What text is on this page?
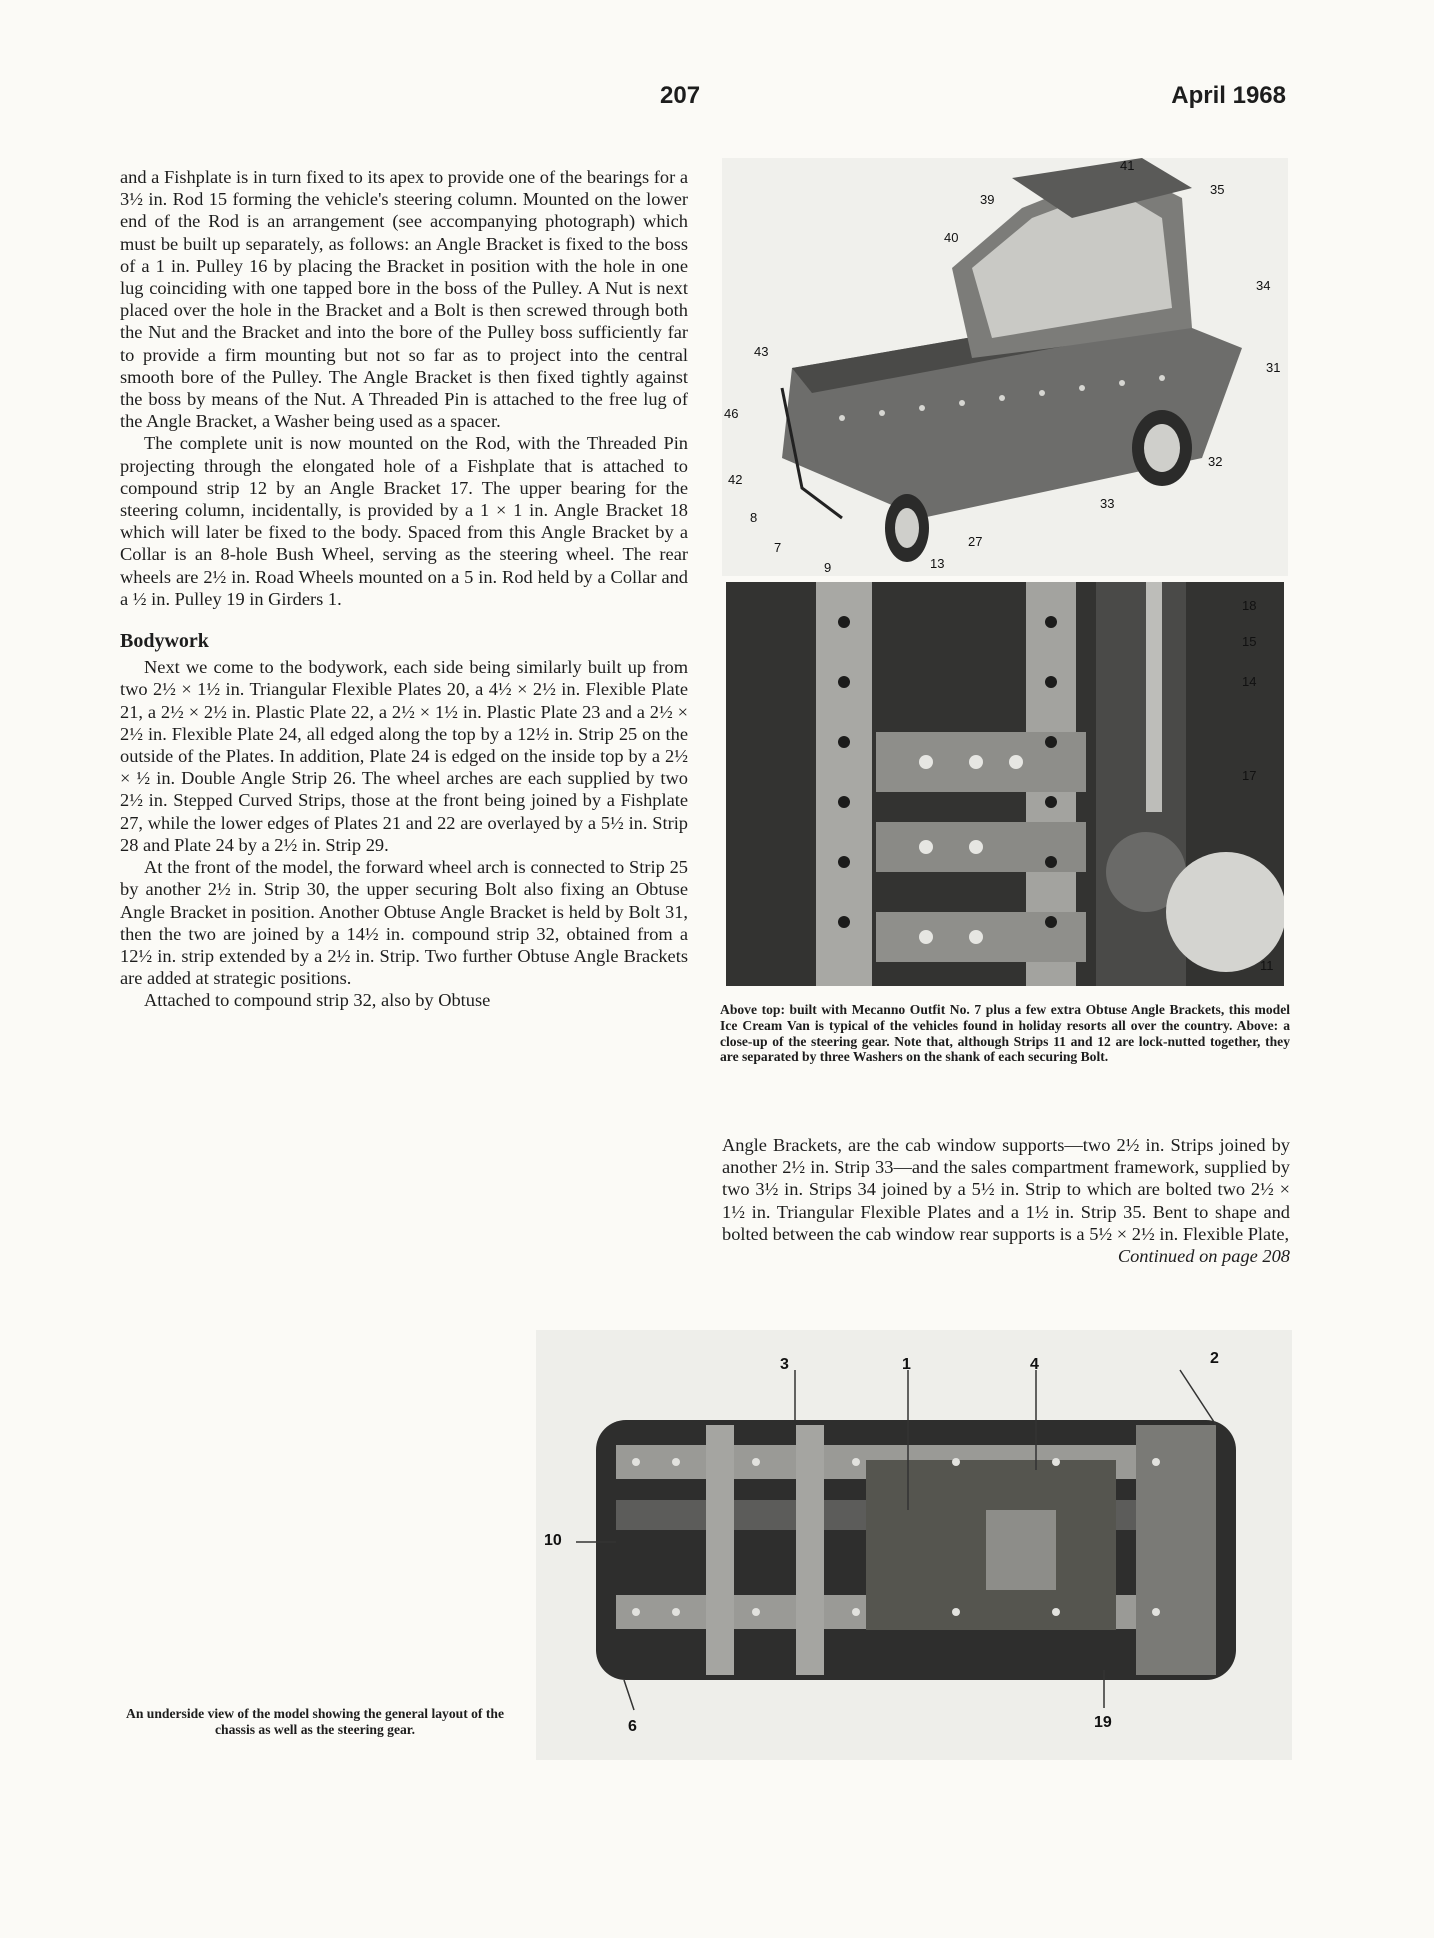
207	April 1968

and a Fishplate is in turn fixed to its apex to provide one of the bearings for a 3½ in. Rod 15 forming the vehicle's steering column. Mounted on the lower end of the Rod is an arrangement (see accompanying photograph) which must be built up separately, as follows: an Angle Bracket is fixed to the boss of a 1 in. Pulley 16 by placing the Bracket in position with the hole in one lug coinciding with one tapped bore in the boss of the Pulley. A Nut is next placed over the hole in the Bracket and a Bolt is then screwed through both the Nut and the Bracket and into the bore of the Pulley boss sufficiently far to provide a firm mounting but not so far as to project into the central smooth bore of the Pulley. The Angle Bracket is then fixed tightly against the boss by means of the Nut. A Threaded Pin is attached to the free lug of the Angle Bracket, a Washer being used as a spacer.

The complete unit is now mounted on the Rod, with the Threaded Pin projecting through the elongated hole of a Fishplate that is attached to compound strip 12 by an Angle Bracket 17. The upper bearing for the steering column, incidentally, is provided by a 1 × 1 in. Angle Bracket 18 which will later be fixed to the body. Spaced from this Angle Bracket by a Collar is an 8-hole Bush Wheel, serving as the steering wheel. The rear wheels are 2½ in. Road Wheels mounted on a 5 in. Rod held by a Collar and a ½ in. Pulley 19 in Girders 1.

Bodywork

Next we come to the bodywork, each side being similarly built up from two 2½ × 1½ in. Triangular Flexible Plates 20, a 4½ × 2½ in. Flexible Plate 21, a 2½ × 2½ in. Plastic Plate 22, a 2½ × 1½ in. Plastic Plate 23 and a 2½ × 2½ in. Flexible Plate 24, all edged along the top by a 12½ in. Strip 25 on the outside of the Plates. In addition, Plate 24 is edged on the inside top by a 2½ × ½ in. Double Angle Strip 26. The wheel arches are each supplied by two 2½ in. Stepped Curved Strips, those at the front being joined by a Fishplate 27, while the lower edges of Plates 21 and 22 are overlayed by a 5½ in. Strip 28 and Plate 24 by a 2½ in. Strip 29.

At the front of the model, the forward wheel arch is connected to Strip 25 by another 2½ in. Strip 30, the upper securing Bolt also fixing an Obtuse Angle Bracket in position. Another Obtuse Angle Bracket is held by Bolt 31, then the two are joined by a 14½ in. compound strip 32, obtained from a 12½ in. strip extended by a 2½ in. Strip. Two further Obtuse Angle Brackets are added at strategic positions.

Attached to compound strip 32, also by Obtuse

41
39
35
40
34
43
31
46
32
42
33
8
27
7
9	13
18
15
14
17
11
Above top: built with Mecanno Outfit No. 7 plus a few extra Obtuse Angle Brackets, this model Ice Cream Van is typical of the vehicles found in holiday resorts all over the country. Above: a close-up of the steering gear. Note that, although Strips 11 and 12 are lock-nutted together, they are separated by three Washers on the shank of each securing Bolt.

Angle Brackets, are the cab window supports—two 2½ in. Strips joined by another 2½ in. Strip 33—and the sales compartment framework, supplied by two 3½ in. Strips 34 joined by a 5½ in. Strip to which are bolted two 2½ × 1½ in. Triangular Flexible Plates and a 1½ in. Strip 35. Bent to shape and bolted between the cab window rear supports is a 5½ × 2½ in. Flexible Plate,

Continued on page 208

3	1	4	2
10
6	19
An underside view of the model showing the general layout of the chassis as well as the steering gear.
